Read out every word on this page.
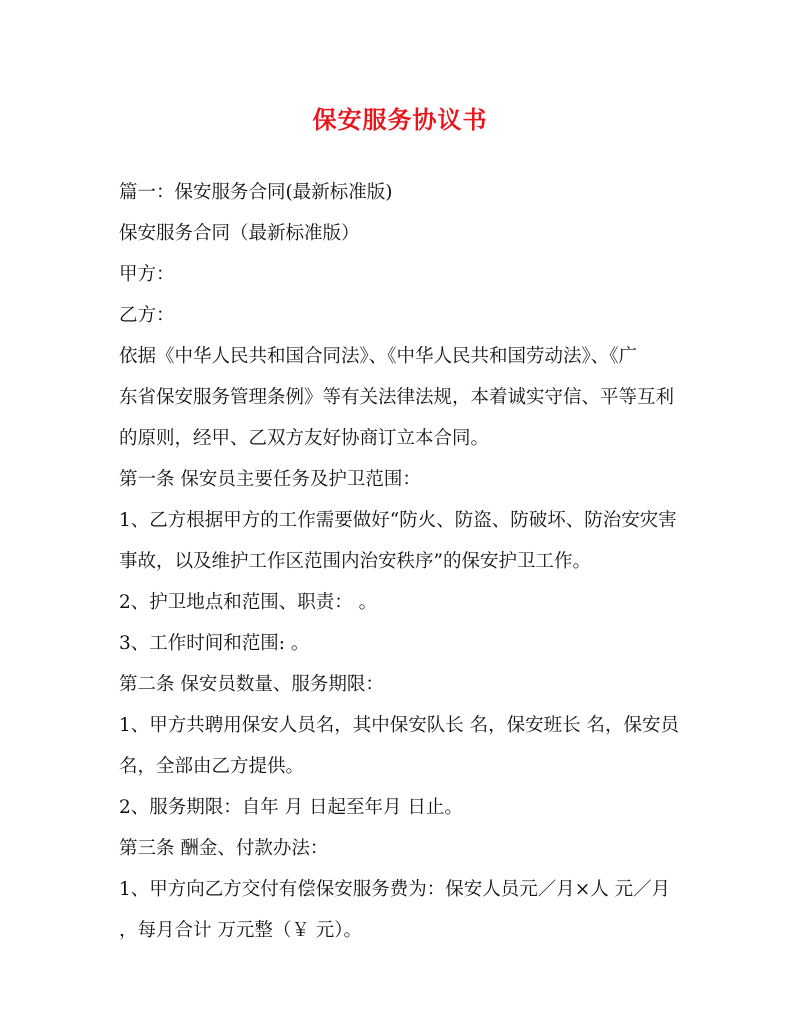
保安服务协议书

篇一：保安服务合同(最新标准版)

保安服务合同（最新标准版）

甲方：

乙方：

依据《中华人民共和国合同法》、《中华人民共和国劳动法》、《广

东省保安服务管理条例》等有关法律法规，本着诚实守信、平等互利

的原则，经甲、乙双方友好协商订立本合同。

第一条 保安员主要任务及护卫范围：

1、乙方根据甲方的工作需要做好“防火、防盗、防破坏、防治安灾害

事故，以及维护工作区范围内治安秩序”的保安护卫工作。

2、护卫地点和范围、职责： 。

3、工作时间和范围: 。

第二条 保安员数量、服务期限：

1、甲方共聘用保安人员名，其中保安队长 名，保安班长 名，保安员

名，全部由乙方提供。

2、服务期限：自年 月 日起至年月 日止。

第三条 酬金、付款办法：

1、甲方向乙方交付有偿保安服务费为：保安人员元／月×人 元／月

，每月合计 万元整（￥ 元）。
